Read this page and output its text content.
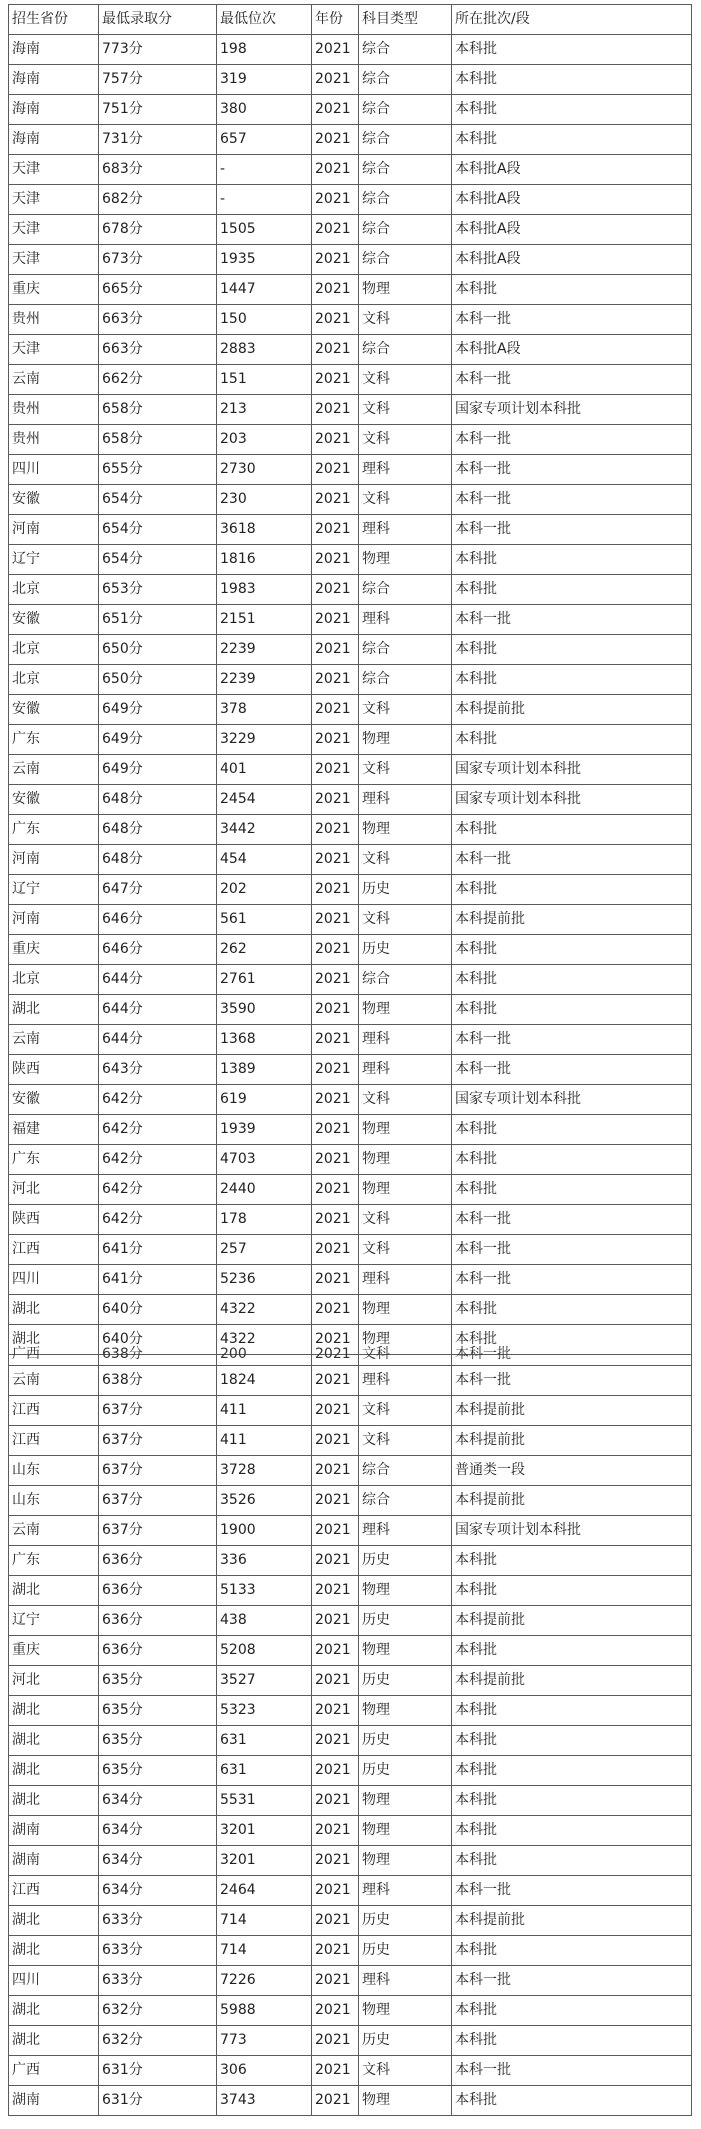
招生省份	最低录取分	最低位次	年份	科目类型	所在批次/段
海南	773分	198	2021	综合	本科批
海南	757分	319	2021	综合	本科批
海南	751分	380	2021	综合	本科批
海南	731分	657	2021	综合	本科批
天津	683分	-	2021	综合	本科批A段
天津	682分	-	2021	综合	本科批A段
天津	678分	1505	2021	综合	本科批A段
天津	673分	1935	2021	综合	本科批A段
重庆	665分	1447	2021	物理	本科批
贵州	663分	150	2021	文科	本科一批
天津	663分	2883	2021	综合	本科批A段
云南	662分	151	2021	文科	本科一批
贵州	658分	213	2021	文科	国家专项计划本科批
贵州	658分	203	2021	文科	本科一批
四川	655分	2730	2021	理科	本科一批
安徽	654分	230	2021	文科	本科一批
河南	654分	3618	2021	理科	本科一批
辽宁	654分	1816	2021	物理	本科批
北京	653分	1983	2021	综合	本科批
安徽	651分	2151	2021	理科	本科一批
北京	650分	2239	2021	综合	本科批
北京	650分	2239	2021	综合	本科批
安徽	649分	378	2021	文科	本科提前批
广东	649分	3229	2021	物理	本科批
云南	649分	401	2021	文科	国家专项计划本科批
安徽	648分	2454	2021	理科	国家专项计划本科批
广东	648分	3442	2021	物理	本科批
河南	648分	454	2021	文科	本科一批
辽宁	647分	202	2021	历史	本科批
河南	646分	561	2021	文科	本科提前批
重庆	646分	262	2021	历史	本科批
北京	644分	2761	2021	综合	本科批
湖北	644分	3590	2021	物理	本科批
云南	644分	1368	2021	理科	本科一批
陕西	643分	1389	2021	理科	本科一批
安徽	642分	619	2021	文科	国家专项计划本科批
福建	642分	1939	2021	物理	本科批
广东	642分	4703	2021	物理	本科批
河北	642分	2440	2021	物理	本科批
陕西	642分	178	2021	文科	本科一批
江西	641分	257	2021	文科	本科一批
四川	641分	5236	2021	理科	本科一批
湖北	640分	4322	2021	物理	本科批
湖北	640分	4322	2021	物理	本科批
广西	638分	200	2021	文科	本科一批
云南	638分	1824	2021	理科	本科一批
江西	637分	411	2021	文科	本科提前批
江西	637分	411	2021	文科	本科提前批
山东	637分	3728	2021	综合	普通类一段
山东	637分	3526	2021	综合	本科提前批
云南	637分	1900	2021	理科	国家专项计划本科批
广东	636分	336	2021	历史	本科批
湖北	636分	5133	2021	物理	本科批
辽宁	636分	438	2021	历史	本科提前批
重庆	636分	5208	2021	物理	本科批
河北	635分	3527	2021	历史	本科提前批
湖北	635分	5323	2021	物理	本科批
湖北	635分	631	2021	历史	本科批
湖北	635分	631	2021	历史	本科批
湖北	634分	5531	2021	物理	本科批
湖南	634分	3201	2021	物理	本科批
湖南	634分	3201	2021	物理	本科批
江西	634分	2464	2021	理科	本科一批
湖北	633分	714	2021	历史	本科提前批
湖北	633分	714	2021	历史	本科批
四川	633分	7226	2021	理科	本科一批
湖北	632分	5988	2021	物理	本科批
湖北	632分	773	2021	历史	本科批
广西	631分	306	2021	文科	本科一批
湖南	631分	3743	2021	物理	本科批
